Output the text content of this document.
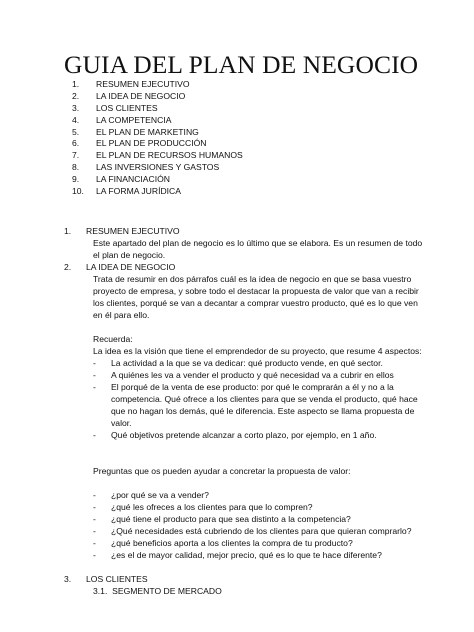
GUIA DEL PLAN DE NEGOCIO
1. RESUMEN EJECUTIVO
2. LA IDEA DE NEGOCIO
3. LOS CLIENTES
4. LA COMPETENCIA
5. EL PLAN DE MARKETING
6. EL PLAN DE PRODUCCIÓN
7. EL PLAN DE RECURSOS HUMANOS
8. LAS INVERSIONES Y GASTOS
9. LA FINANCIACIÓN
10. LA FORMA JURÍDICA
1. RESUMEN EJECUTIVO
Este apartado del plan de negocio es lo último que se elabora. Es un resumen de todo el plan de negocio.
2. LA IDEA DE NEGOCIO
Trata de resumir en dos párrafos cuál es la idea de negocio en que se basa vuestro proyecto de empresa, y sobre todo el destacar la propuesta de valor que van a recibir los clientes, porqué se van a decantar a comprar vuestro producto, qué es lo que ven en él para ello.
Recuerda:
La idea es la visión que tiene el emprendedor de su proyecto, que resume 4 aspectos:
- La actividad a la que se va dedicar: qué producto vende, en qué sector.
- A quiénes les va a vender el producto y qué necesidad va a cubrir en ellos
- El porqué de la venta de ese producto: por qué le comprarán a él y no a la competencia. Qué ofrece a los clientes para que se venda el producto, qué hace que no hagan los demás, qué le diferencia. Este aspecto se llama propuesta de valor.
- Qué objetivos pretende alcanzar a corto plazo, por ejemplo, en 1 año.
Preguntas que os pueden ayudar a concretar la propuesta de valor:
- ¿por qué se va a vender?
- ¿qué les ofreces a los clientes para que lo compren?
- ¿qué tiene el producto para que sea distinto a la competencia?
- ¿Qué necesidades está cubriendo de los clientes para que quieran comprarlo?
- ¿qué beneficios aporta a los clientes la compra de tu producto?
- ¿es el de mayor calidad, mejor precio, qué es lo que te hace diferente?
3. LOS CLIENTES
3.1. SEGMENTO DE MERCADO
